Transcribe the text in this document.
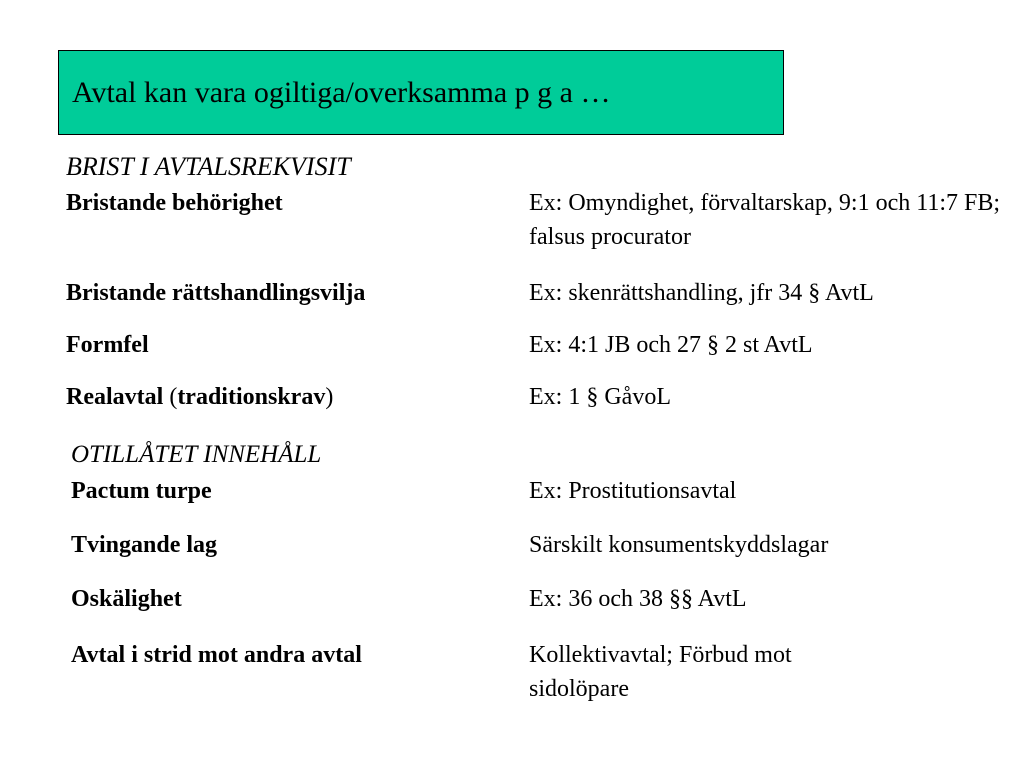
Avtal kan vara ogiltiga/overksamma p g a …
BRIST I AVTALSREKVISIT
Bristande behörighet	Ex: Omyndighet, förvaltarskap, 9:1 och 11:7 FB; falsus procurator
Bristande rättshandlingsvilja	Ex: skenrättshandling, jfr 34 § AvtL
Formfel	Ex: 4:1 JB och 27 § 2 st AvtL
Realavtal (traditionskrav)	Ex: 1 § GåvoL
OTILLÅTET INNEHÅLL
Pactum turpe	Ex: Prostitutionsavtal
Tvingande lag	Särskilt konsumentskyddslagar
Oskälighet	Ex: 36 och 38 §§ AvtL
Avtal i strid mot andra avtal	Kollektivavtal; Förbud mot sidolöpare
